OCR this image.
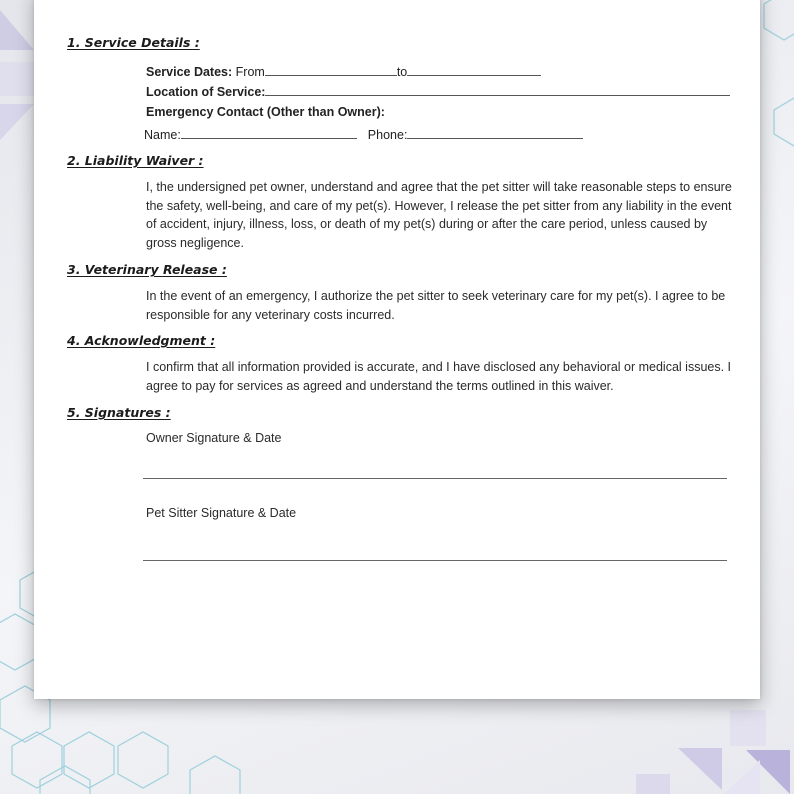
1. Service Details :
Service Dates: From	to
Location of Service:
Emergency Contact (Other than Owner):
Name:	Phone:
2. Liability Waiver :
I, the undersigned pet owner, understand and agree that the pet sitter will take reasonable steps to ensure the safety, well-being, and care of my pet(s). However, I release the pet sitter from any liability in the event of accident, injury, illness, loss, or death of my pet(s) during or after the care period, unless caused by gross negligence.
3. Veterinary Release :
In the event of an emergency, I authorize the pet sitter to seek veterinary care for my pet(s). I agree to be responsible for any veterinary costs incurred.
4. Acknowledgment :
I confirm that all information provided is accurate, and I have disclosed any behavioral or medical issues. I agree to pay for services as agreed and understand the terms outlined in this waiver.
5. Signatures :
Owner Signature & Date
Pet Sitter Signature & Date
